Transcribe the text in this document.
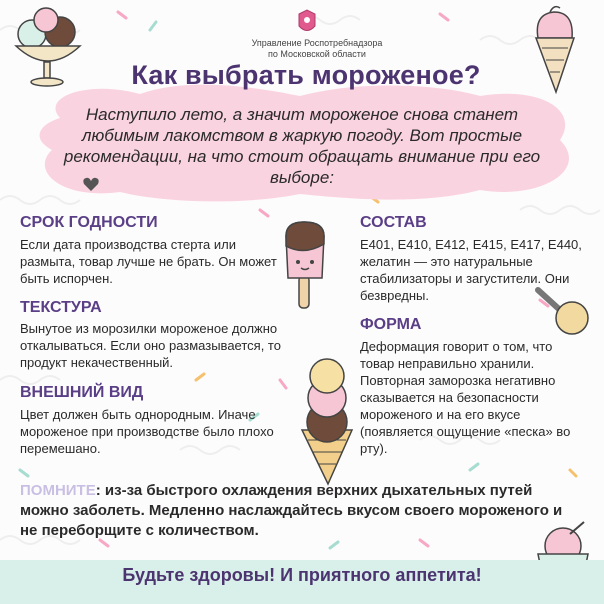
Управление Роспотребнадзора
по Московской области
Как выбрать мороженое?
Наступило лето, а значит мороженое снова станет любимым лакомством в жаркую погоду. Вот простые рекомендации, на что стоит обращать внимание при его выборе:
СРОК ГОДНОСТИ
Если дата производства стерта или размыта, товар лучше не брать. Он может быть испорчен.
ТЕКСТУРА
Вынутое из морозилки мороженое должно откалываться. Если оно размазывается, то продукт некачественный.
ВНЕШНИЙ ВИД
Цвет должен быть однородным. Иначе мороженое при производстве было плохо перемешано.
СОСТАВ
Е401, Е410, Е412, Е415, Е417, Е440, желатин — это натуральные стабилизаторы и загустители. Они безвредны.
ФОРМА
Деформация говорит о том, что товар неправильно хранили. Повторная заморозка негативно сказывается на безопасности мороженого и на его вкусе (появляется ощущение «песка» во рту).
ПОМНИТЕ: из-за быстрого охлаждения верхних дыхательных путей можно заболеть. Медленно наслаждайтесь вкусом своего мороженого и не переборщите с количеством.
Будьте здоровы! И приятного аппетита!
